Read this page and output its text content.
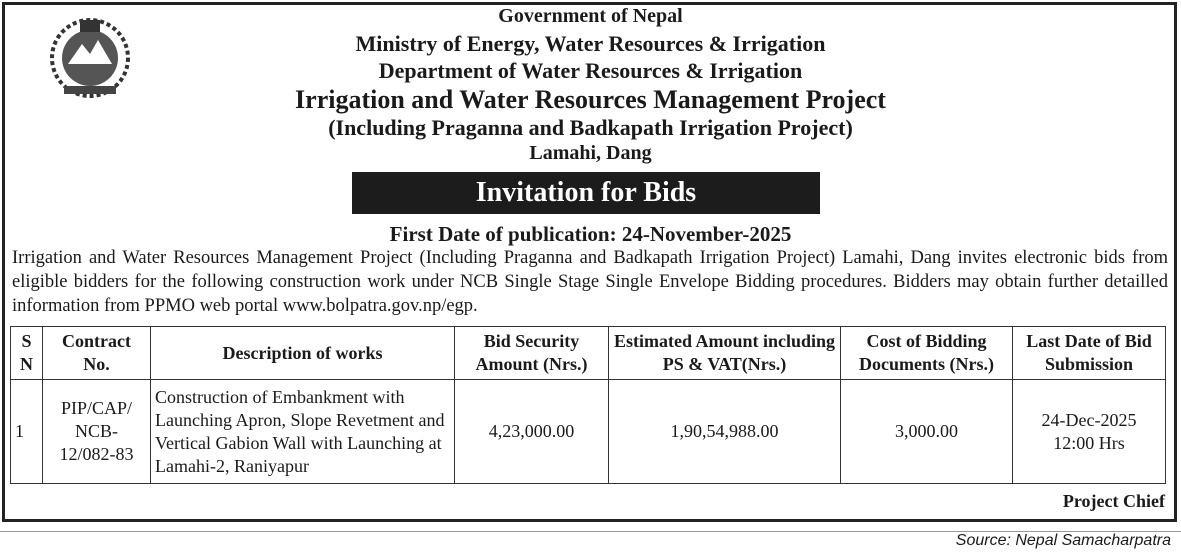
Government of Nepal
Ministry of Energy, Water Resources & Irrigation
Department of Water Resources & Irrigation
Irrigation and Water Resources Management Project
(Including Praganna and Badkapath Irrigation Project)
Lamahi, Dang
Invitation for Bids
First Date of publication: 24-November-2025
Irrigation and Water Resources Management Project (Including Praganna and Badkapath Irrigation Project) Lamahi, Dang invites electronic bids from eligible bidders for the following construction work under NCB Single Stage Single Envelope Bidding procedures. Bidders may obtain further detailled information from PPMO web portal www.bolpatra.gov.np/egp.
S N	Contract No.	Description of works	Bid Security Amount (Nrs.)	Estimated Amount including PS & VAT(Nrs.)	Cost of Bidding Documents (Nrs.)	Last Date of Bid Submission
1	PIP/CAP/ NCB- 12/082-83	Construction of Embankment with Launching Apron, Slope Revetment and Vertical Gabion Wall with Launching at Lamahi-2, Raniyapur	4,23,000.00	1,90,54,988.00	3,000.00	24-Dec-2025 12:00 Hrs
Project Chief
Source: Nepal Samacharpatra
